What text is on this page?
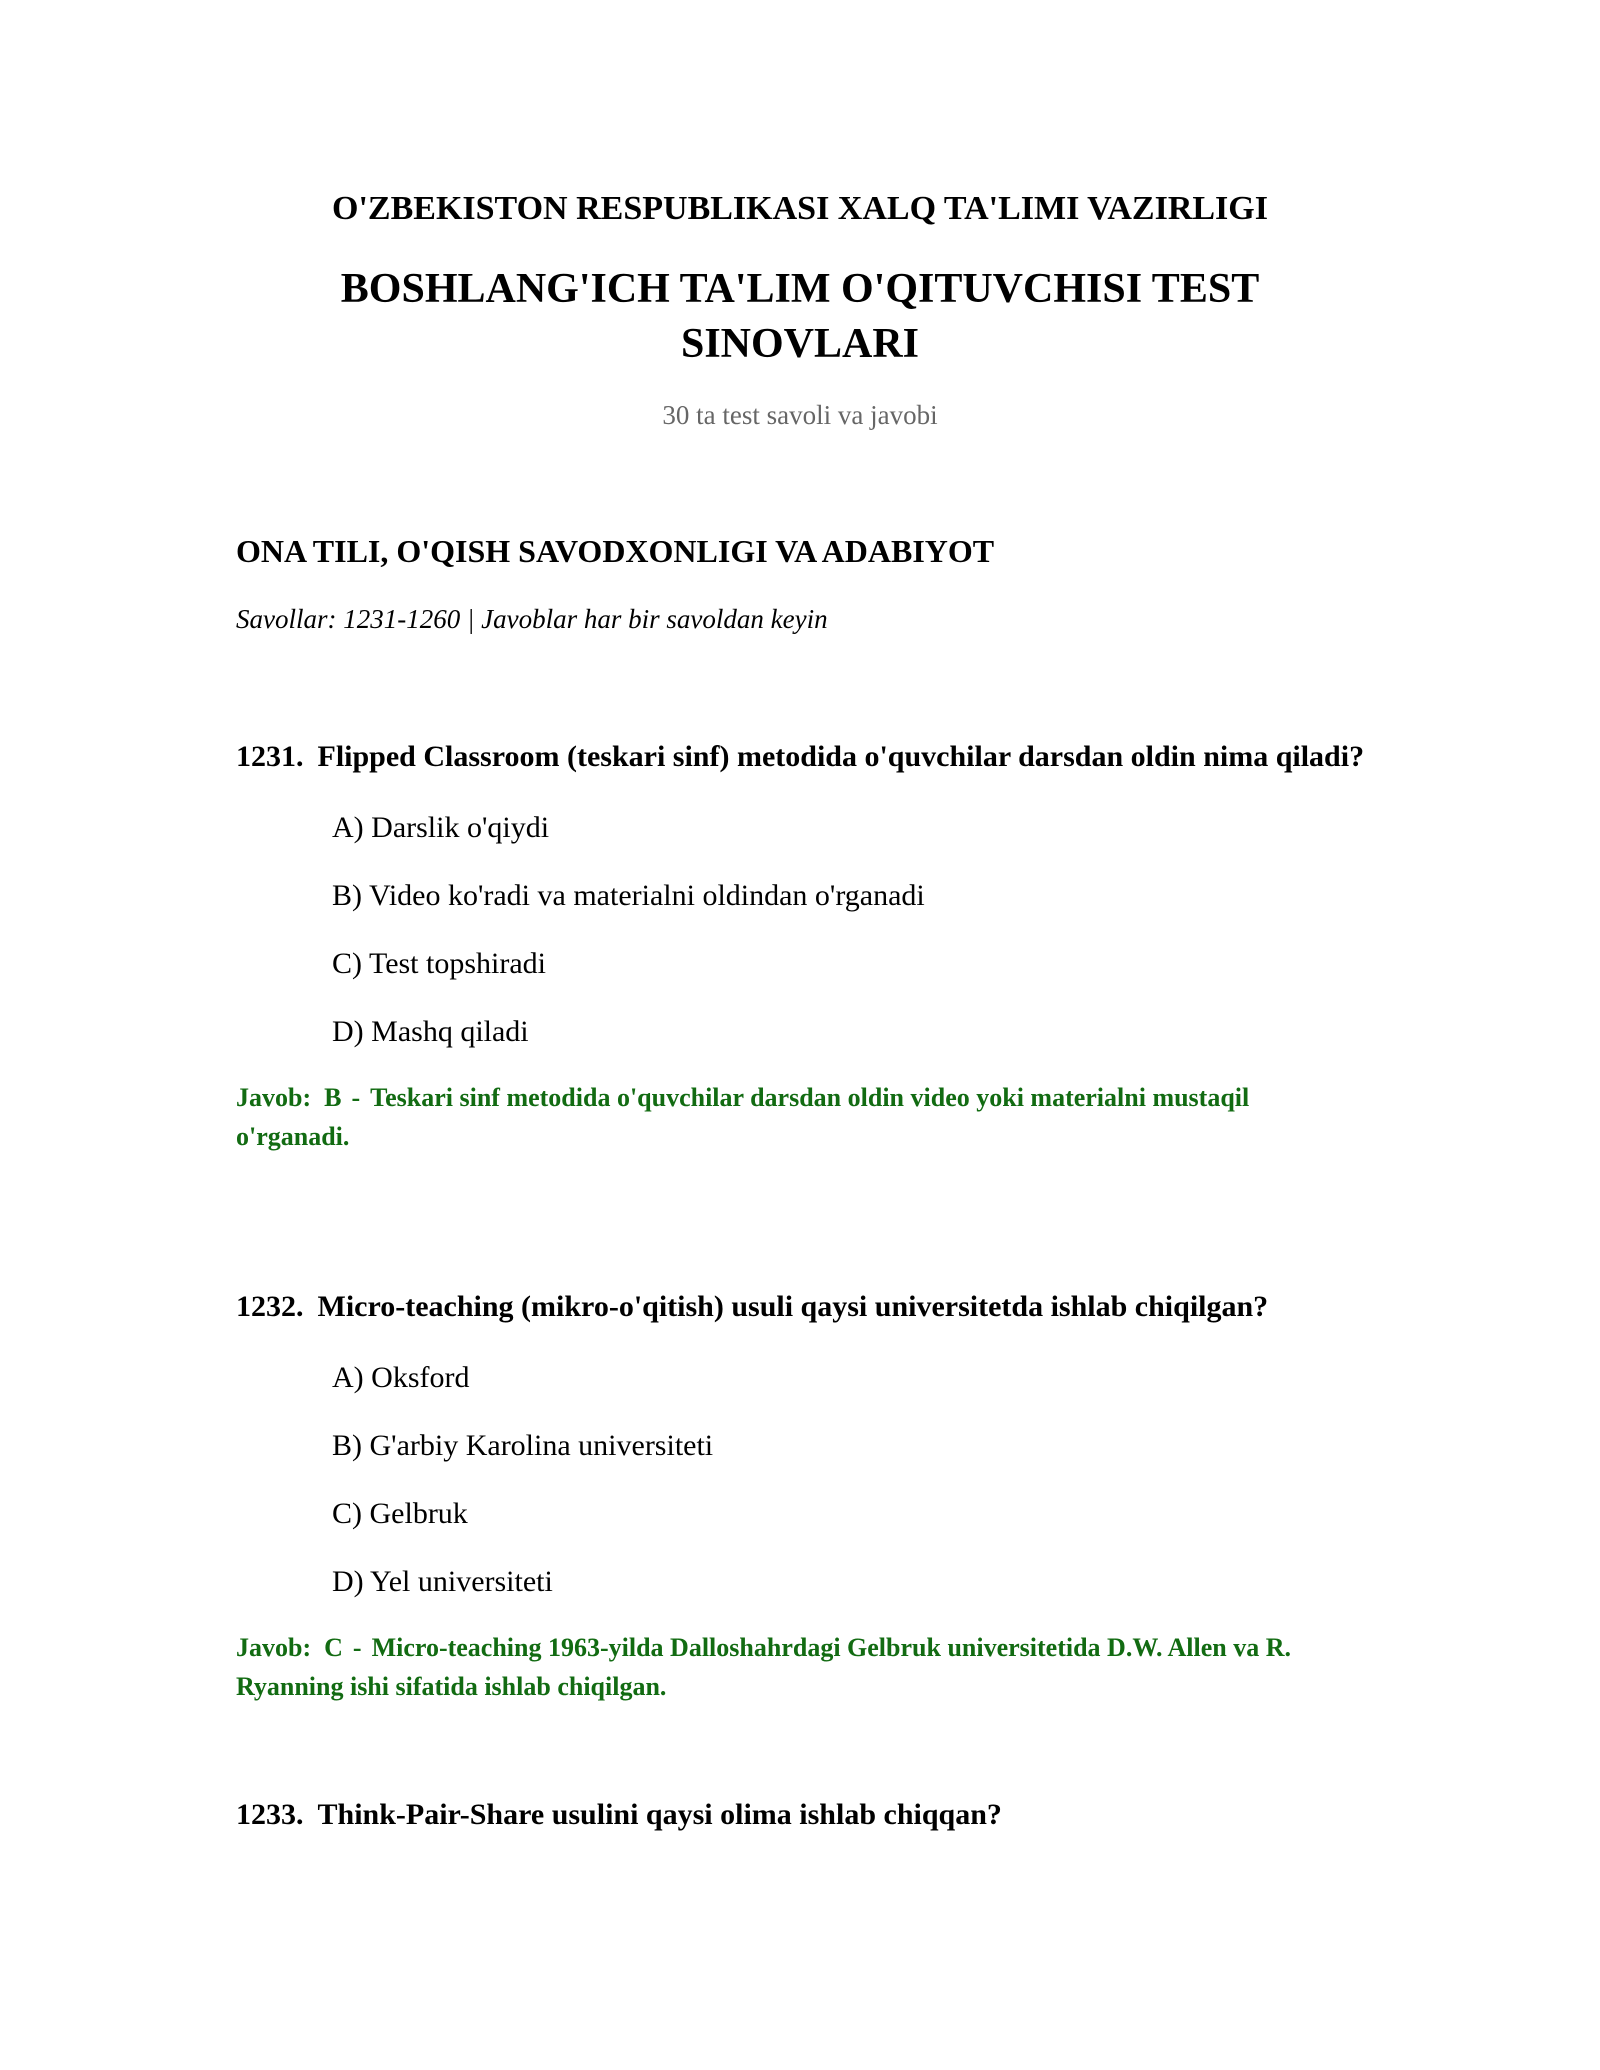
O'ZBEKISTON RESPUBLIKASI XALQ TA'LIMI VAZIRLIGI
BOSHLANG'ICH TA'LIM O'QITUVCHISI TEST SINOVLARI

30 ta test savoli va javobi

ONA TILI, O'QISH SAVODXONLIGI VA ADABIYOT

Savollar: 1231-1260 | Javoblar har bir savoldan keyin

1231. Flipped Classroom (teskari sinf) metodida o'quvchilar darsdan oldin nima qiladi?

A) Darslik o'qiydi
B) Video ko'radi va materialni oldindan o'rganadi
C) Test topshiradi
D) Mashq qiladi

Javob: B - Teskari sinf metodida o'quvchilar darsdan oldin video yoki materialni mustaqil o'rganadi.

1232. Micro-teaching (mikro-o'qitish) usuli qaysi universitetda ishlab chiqilgan?

A) Oksford
B) G'arbiy Karolina universiteti
C) Gelbruk
D) Yel universiteti

Javob: C - Micro-teaching 1963-yilda Dalloshahrdagi Gelbruk universitetida D.W. Allen va R. Ryanning ishi sifatida ishlab chiqilgan.

1233. Think-Pair-Share usulini qaysi olima ishlab chiqqan?
